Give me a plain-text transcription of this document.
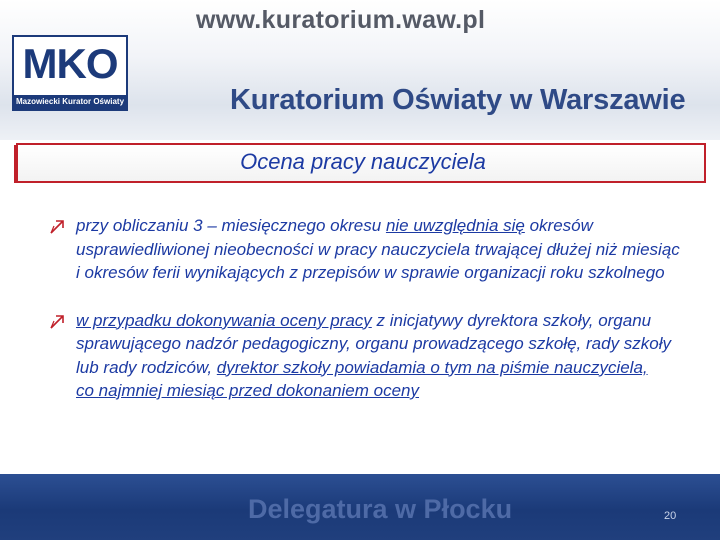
www.kuratorium.waw.pl
MKO
Mazowiecki Kurator Oświaty	Kuratorium Oświaty w Warszawie
Ocena pracy nauczyciela
przy obliczaniu 3 – miesięcznego okresu nie uwzględnia się okresów usprawiedliwionej nieobecności w pracy nauczyciela trwającej dłużej niż miesiąc
i okresów ferii wynikających z przepisów w sprawie organizacji roku szkolnego
w przypadku dokonywania oceny pracy z inicjatywy dyrektora szkoły, organu sprawującego nadzór pedagogiczny, organu prowadzącego szkołę, rady szkoły
lub rady rodziców, dyrektor szkoły powiadamia o tym na piśmie nauczyciela,
co najmniej miesiąc przed dokonaniem oceny
Delegatura w Płocku	20
